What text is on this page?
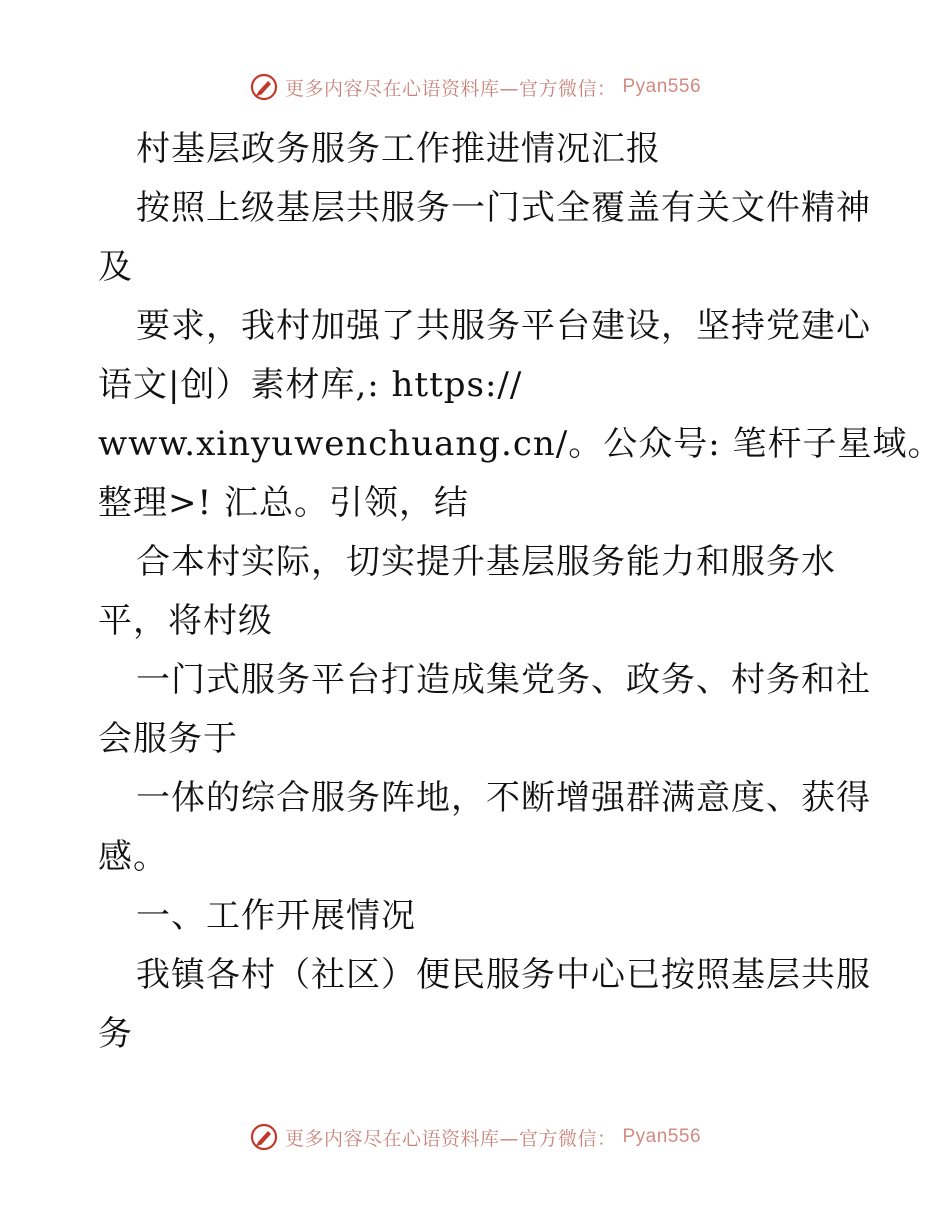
更多内容尽在心语资料库—官方微信： Pyan556
村基层政务服务工作推进情况汇报
按照上级基层共服务一门式全覆盖有关文件精神
及
要求，我村加强了共服务平台建设，坚持党建心
语文|创）素材库,: https://
www.xinyuwenchuang.cn/。公众号: 笔杆子星域。
整理>! 汇总。引领，结
合本村实际，切实提升基层服务能力和服务水
平，将村级
一门式服务平台打造成集党务、政务、村务和社
会服务于
一体的综合服务阵地，不断增强群满意度、获得
感。
一、工作开展情况
我镇各村（社区）便民服务中心已按照基层共服
务
更多内容尽在心语资料库—官方微信： Pyan556
